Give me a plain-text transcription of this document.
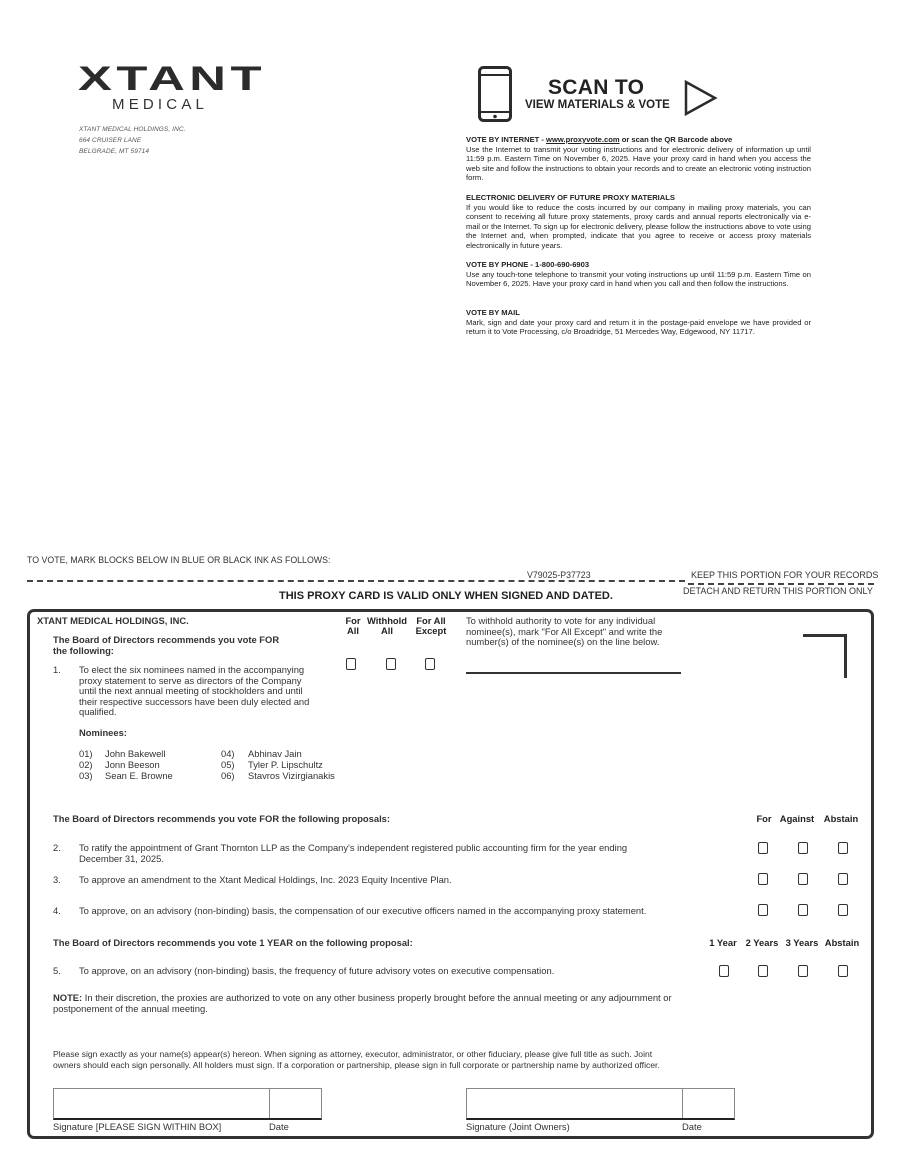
XTANT
MEDICAL
XTANT MEDICAL HOLDINGS, INC.
664 CRUISER LANE
BELGRADE, MT 59714
SCAN TO
VIEW MATERIALS & VOTE
VOTE BY INTERNET - www.proxyvote.com or scan the QR Barcode above
Use the Internet to transmit your voting instructions and for electronic delivery of information up until 11:59 p.m. Eastern Time on November 6, 2025. Have your proxy card in hand when you access the web site and follow the instructions to obtain your records and to create an electronic voting instruction form.
ELECTRONIC DELIVERY OF FUTURE PROXY MATERIALS
If you would like to reduce the costs incurred by our company in mailing proxy materials, you can consent to receiving all future proxy statements, proxy cards and annual reports electronically via e-mail or the Internet. To sign up for electronic delivery, please follow the instructions above to vote using the Internet and, when prompted, indicate that you agree to receive or access proxy materials electronically in future years.
VOTE BY PHONE - 1-800-690-6903
Use any touch-tone telephone to transmit your voting instructions up until 11:59 p.m. Eastern Time on November 6, 2025. Have your proxy card in hand when you call and then follow the instructions.
VOTE BY MAIL
Mark, sign and date your proxy card and return it in the postage-paid envelope we have provided or return it to Vote Processing, c/o Broadridge, 51 Mercedes Way, Edgewood, NY 11717.
TO VOTE, MARK BLOCKS BELOW IN BLUE OR BLACK INK AS FOLLOWS:
V79025-P37723	KEEP THIS PORTION FOR YOUR RECORDS
THIS PROXY CARD IS VALID ONLY WHEN SIGNED AND DATED.	DETACH AND RETURN THIS PORTION ONLY
XTANT MEDICAL HOLDINGS, INC.
The Board of Directors recommends you vote FOR
the following:
For
All
Withhold
All
For All
Except
To withhold authority to vote for any individual
nominee(s), mark "For All Except" and write the
number(s) of the nominee(s) on the line below.
1. To elect the six nominees named in the accompanying
proxy statement to serve as directors of the Company
until the next annual meeting of stockholders and until
their respective successors have been duly elected and
qualified.
Nominees:
01) John Bakewell
02) Jonn Beeson
03) Sean E. Browne
04) Abhinav Jain
05) Tyler P. Lipschultz
06) Stavros Vizirgianakis
The Board of Directors recommends you vote FOR the following proposals:	For Against	Abstain
2. To ratify the appointment of Grant Thornton LLP as the Company's independent registered public accounting firm for the year ending
December 31, 2025.
3. To approve an amendment to the Xtant Medical Holdings, Inc. 2023 Equity Incentive Plan.
4. To approve, on an advisory (non-binding) basis, the compensation of our executive officers named in the accompanying proxy statement.
The Board of Directors recommends you vote 1 YEAR on the following proposal:	1 Year 2 Years 3 Years Abstain
5. To approve, on an advisory (non-binding) basis, the frequency of future advisory votes on executive compensation.
NOTE: In their discretion, the proxies are authorized to vote on any other business properly brought before the annual meeting or any adjournment or
postponement of the annual meeting.
Please sign exactly as your name(s) appear(s) hereon. When signing as attorney, executor, administrator, or other fiduciary, please give full title as such. Joint
owners should each sign personally. All holders must sign. If a corporation or partnership, please sign in full corporate or partnership name by authorized officer.
Signature [PLEASE SIGN WITHIN BOX]	Date	Signature (Joint Owners)	Date
